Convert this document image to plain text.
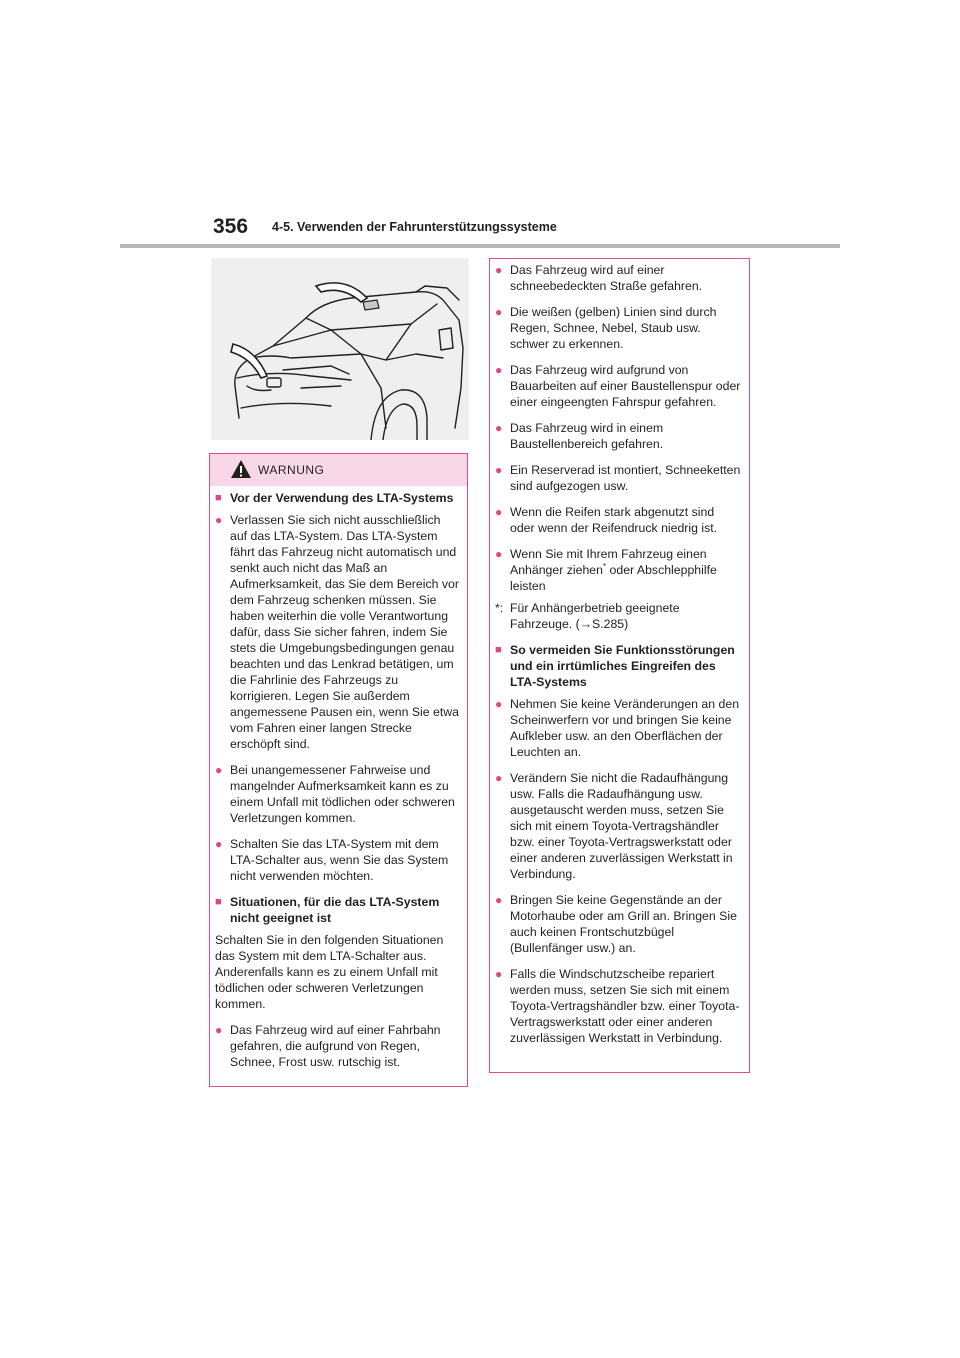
356 4-5. Verwenden der Fahrunterstützungssysteme
WARNUNG
■ Vor der Verwendung des LTA-Systems
● Verlassen Sie sich nicht ausschließlich auf das LTA-System. Das LTA-System fährt das Fahrzeug nicht automatisch und senkt auch nicht das Maß an Aufmerksamkeit, das Sie dem Bereich vor dem Fahrzeug schenken müssen. Sie haben weiterhin die volle Verantwortung dafür, dass Sie sicher fahren, indem Sie stets die Umgebungsbedingungen genau beachten und das Lenkrad betätigen, um die Fahrlinie des Fahrzeugs zu korrigieren. Legen Sie außerdem angemessene Pausen ein, wenn Sie etwa vom Fahren einer langen Strecke erschöpft sind.
● Bei unangemessener Fahrweise und mangelnder Aufmerksamkeit kann es zu einem Unfall mit tödlichen oder schweren Verletzungen kommen.
● Schalten Sie das LTA-System mit dem LTA-Schalter aus, wenn Sie das System nicht verwenden möchten.
■ Situationen, für die das LTA-System nicht geeignet ist
Schalten Sie in den folgenden Situationen das System mit dem LTA-Schalter aus. Anderenfalls kann es zu einem Unfall mit tödlichen oder schweren Verletzungen kommen.
● Das Fahrzeug wird auf einer Fahrbahn gefahren, die aufgrund von Regen, Schnee, Frost usw. rutschig ist.
● Das Fahrzeug wird auf einer schneebedeckten Straße gefahren.
● Die weißen (gelben) Linien sind durch Regen, Schnee, Nebel, Staub usw. schwer zu erkennen.
● Das Fahrzeug wird aufgrund von Bauarbeiten auf einer Baustellenspur oder einer eingeengten Fahrspur gefahren.
● Das Fahrzeug wird in einem Baustellenbereich gefahren.
● Ein Reserverad ist montiert, Schneeketten sind aufgezogen usw.
● Wenn die Reifen stark abgenutzt sind oder wenn der Reifendruck niedrig ist.
● Wenn Sie mit Ihrem Fahrzeug einen Anhänger ziehen* oder Abschlepphilfe leisten
*: Für Anhängerbetrieb geeignete Fahrzeuge. (→S.285)
■ So vermeiden Sie Funktionsstörungen und ein irrtümliches Eingreifen des LTA-Systems
● Nehmen Sie keine Veränderungen an den Scheinwerfern vor und bringen Sie keine Aufkleber usw. an den Oberflächen der Leuchten an.
● Verändern Sie nicht die Radaufhängung usw. Falls die Radaufhängung usw. ausgetauscht werden muss, setzen Sie sich mit einem Toyota-Vertragshändler bzw. einer Toyota-Vertragswerkstatt oder einer anderen zuverlässigen Werkstatt in Verbindung.
● Bringen Sie keine Gegenstände an der Motorhaube oder am Grill an. Bringen Sie auch keinen Frontschutzbügel (Bullenfänger usw.) an.
● Falls die Windschutzscheibe repariert werden muss, setzen Sie sich mit einem Toyota-Vertragshändler bzw. einer Toyota-Vertragswerkstatt oder einer anderen zuverlässigen Werkstatt in Verbindung.
